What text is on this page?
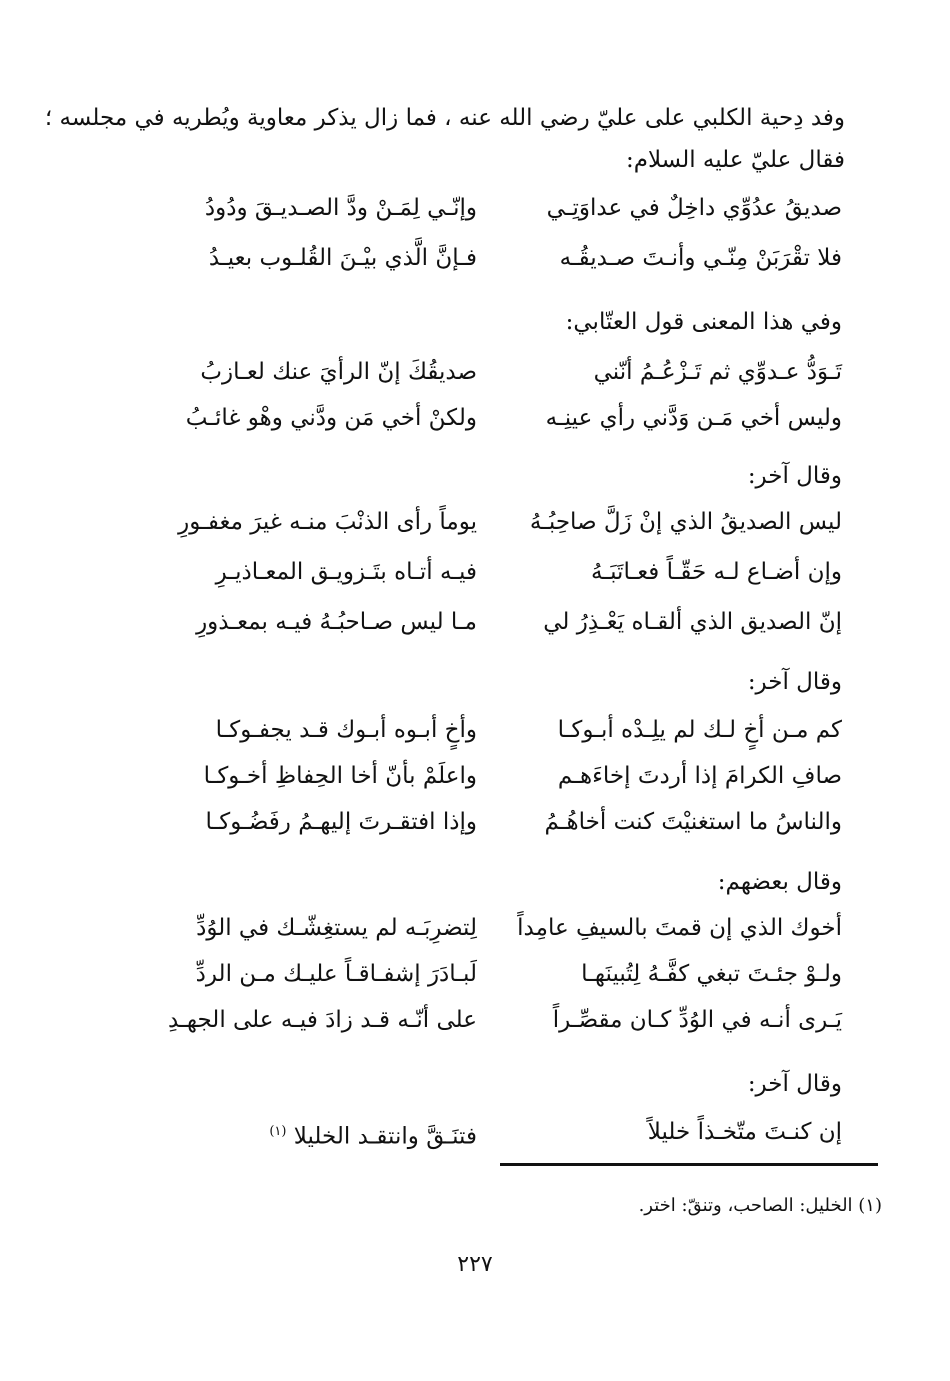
وفد دِحية الكلبي على عليّ رضي الله عنه ، فما زال يذكر معاوية ويُطريه في مجلسه ؛
فقال عليّ عليه السلام:
صديقُ عدُوِّي داخِلٌ في عداوَتِـي
وإنّـي لِمَـنْ ودَّ الصـديـقَ ودُودُ
فلا تقْرَبَنْ مِنّـي وأنـتَ صـديقُـه
فـإنَّ الَّذي بيْـنَ القُلـوب بعيـدُ
وفي هذا المعنى قول العتّابي:
تَـوَدُّ عـدوِّي ثم تَـزْعُـمُ أنّني
صديقُكَ إنّ الرأيَ عنك لعـازبُ
وليس أخي مَـن وَدَّني رأي عينِـه
ولكنْ أخي مَن ودَّني وهْو غائـبُ
وقال آخر:
ليس الصديقُ الذي إنْ زَلَّ صاحِبُـهُ
يوماً رأى الذنْبَ منـه غيرَ مغفـورِ
وإن أضـاع لـه حَقّـاً فعـاتَبَـهُ
فيـه أتـاه بتَـزويـق المعـاذيـرِ
إنّ الصديق الذي ألقـاه يَعْـذِرُ لي
مـا ليس صـاحبُـهُ فيـه بمعـذورِ
وقال آخر:
كم مـن أخٍ لـك لم يلِـدْه أبـوكـا
وأخٍ أبـوه أبـوك قـد يجفـوكـا
صافِ الكرامَ إذا أردتَ إخاءَهـم
واعلَمْ بأنّ أخا الحِفاظِ أخـوكـا
والناسُ ما استغنيْتَ كنت أخاهُـمُ
وإذا افتقـرتَ إليهـمُ رفَضُـوكـا
وقال بعضهم:
أخوك الذي إن قمتَ بالسيفِ عامِداً
لِتضرِبَـه لم يستغِشّـك في الوُدِّ
ولـوْ جئـتَ تبغي كفَّـهُ لِتُبينَهـا
لَبـادَرَ إشفـاقـاً عليـك مـن الردِّ
يَـرى أنـه في الوُدِّ كـان مقصِّـراً
على أنّـه قـد زادَ فيـه على الجهـدِ
وقال آخر:
إن كنـتَ متّخـذاً خليلاً
فتنَـقَّ وانتقـد الخليلا $^{(١)}$
(١) الخليل: الصاحب، وتنقّ: اختر.
٢٢٧
